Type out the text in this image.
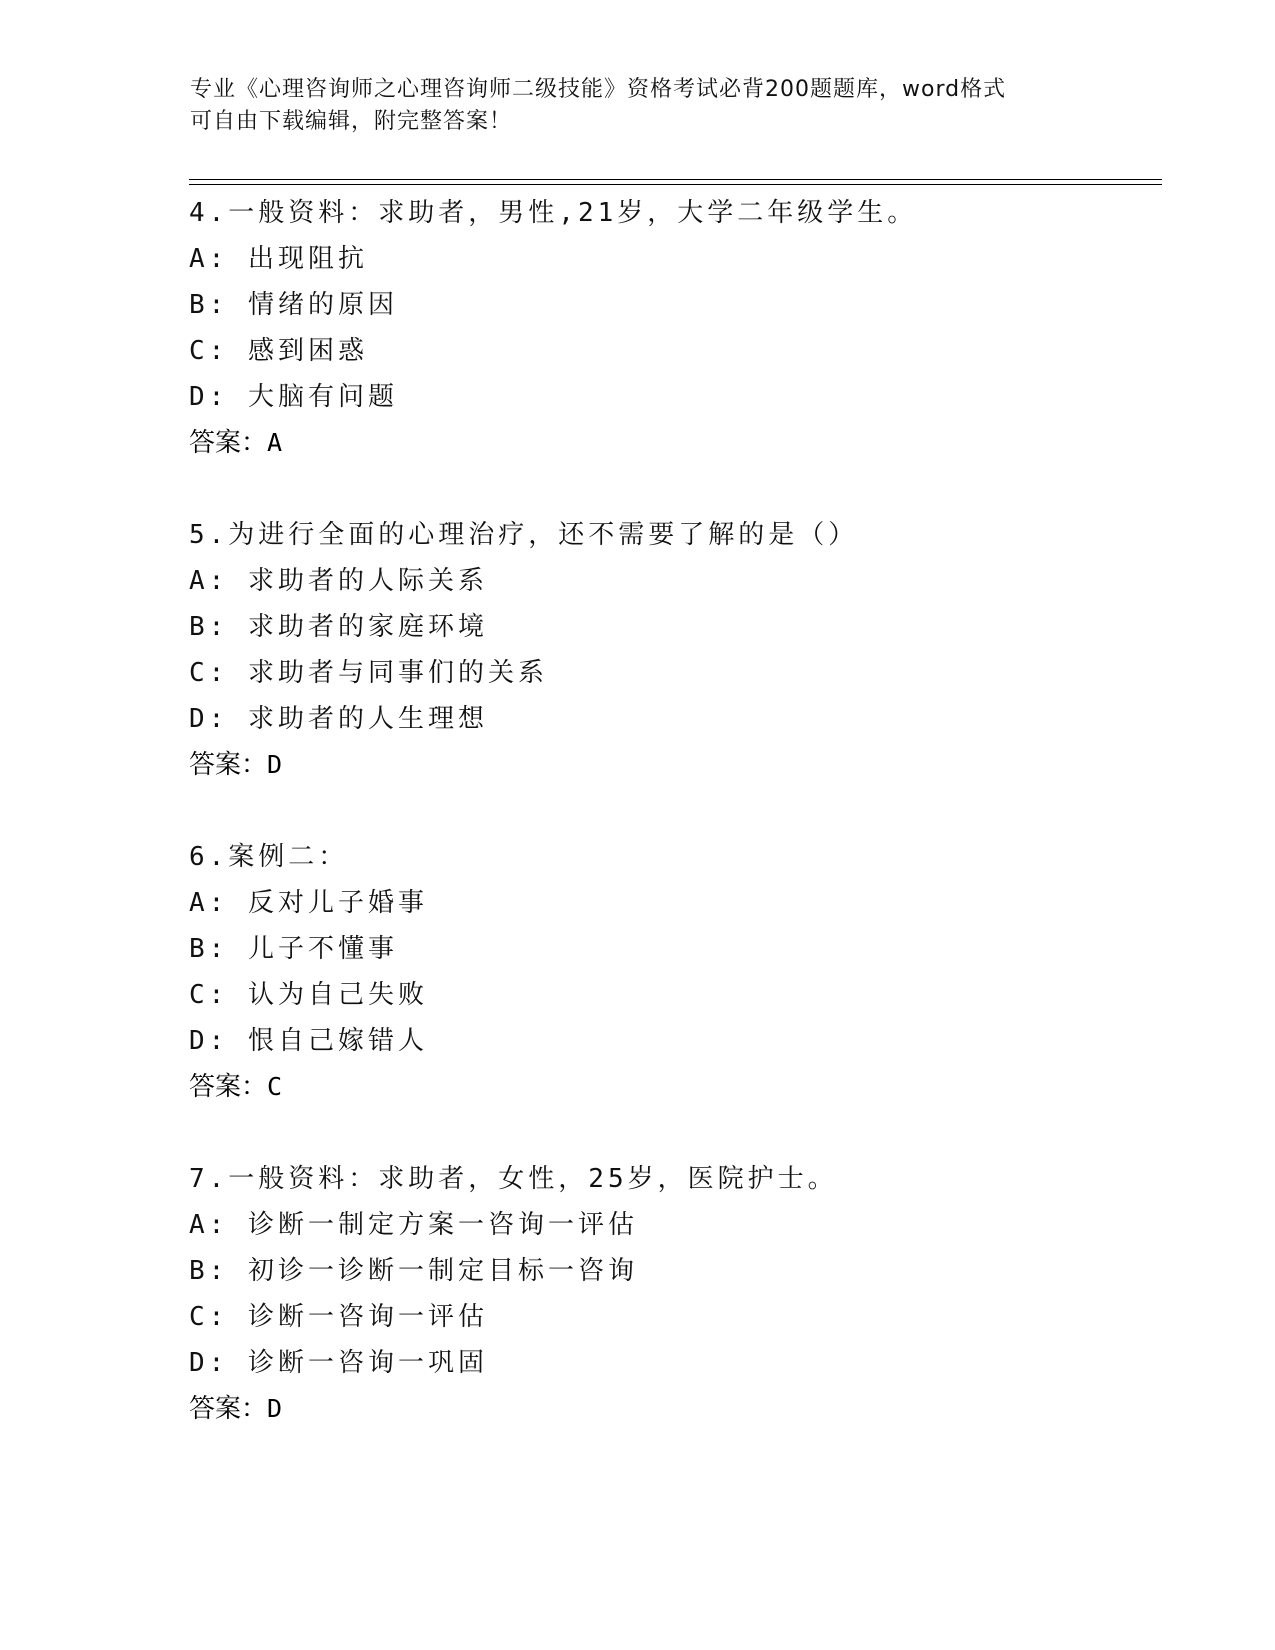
专业《心理咨询师之心理咨询师二级技能》资格考试必背200题题库，word格式
可自由下载编辑，附完整答案！
4.一般资料：求助者，男性,21岁，大学二年级学生。
A: 出现阻抗
B: 情绪的原因
C: 感到困惑
D: 大脑有问题
答案：A
5.为进行全面的心理治疗，还不需要了解的是（）
A: 求助者的人际关系
B: 求助者的家庭环境
C: 求助者与同事们的关系
D: 求助者的人生理想
答案：D
6.案例二：
A: 反对儿子婚事
B: 儿子不懂事
C: 认为自己失败
D: 恨自己嫁错人
答案：C
7.一般资料：求助者，女性，25岁，医院护士。
A: 诊断一制定方案一咨询一评估
B: 初诊一诊断一制定目标一咨询
C: 诊断一咨询一评估
D: 诊断一咨询一巩固
答案：D
